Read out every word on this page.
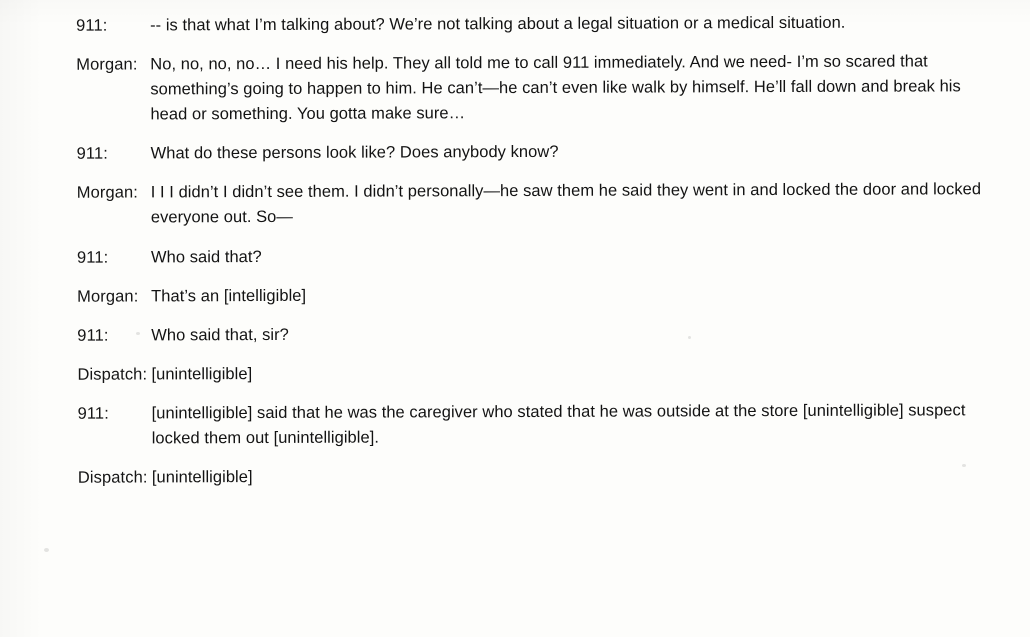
911:	-- is that what I’m talking about? We’re not talking about a legal situation or a medical situation.
Morgan: No, no, no, no… I need his help. They all told me to call 911 immediately. And we need- I’m so scared that something’s going to happen to him. He can’t—he can’t even like walk by himself. He’ll fall down and break his head or something. You gotta make sure…
911:	What do these persons look like? Does anybody know?
Morgan: I I I didn’t I didn’t see them. I didn’t personally—he saw them he said they went in and locked the door and locked everyone out. So—
911:	Who said that?
Morgan: That’s an [intelligible]
911:	Who said that, sir?
Dispatch: [unintelligible]
911:	[unintelligible] said that he was the caregiver who stated that he was outside at the store [unintelligible] suspect locked them out [unintelligible].
Dispatch: [unintelligible]
